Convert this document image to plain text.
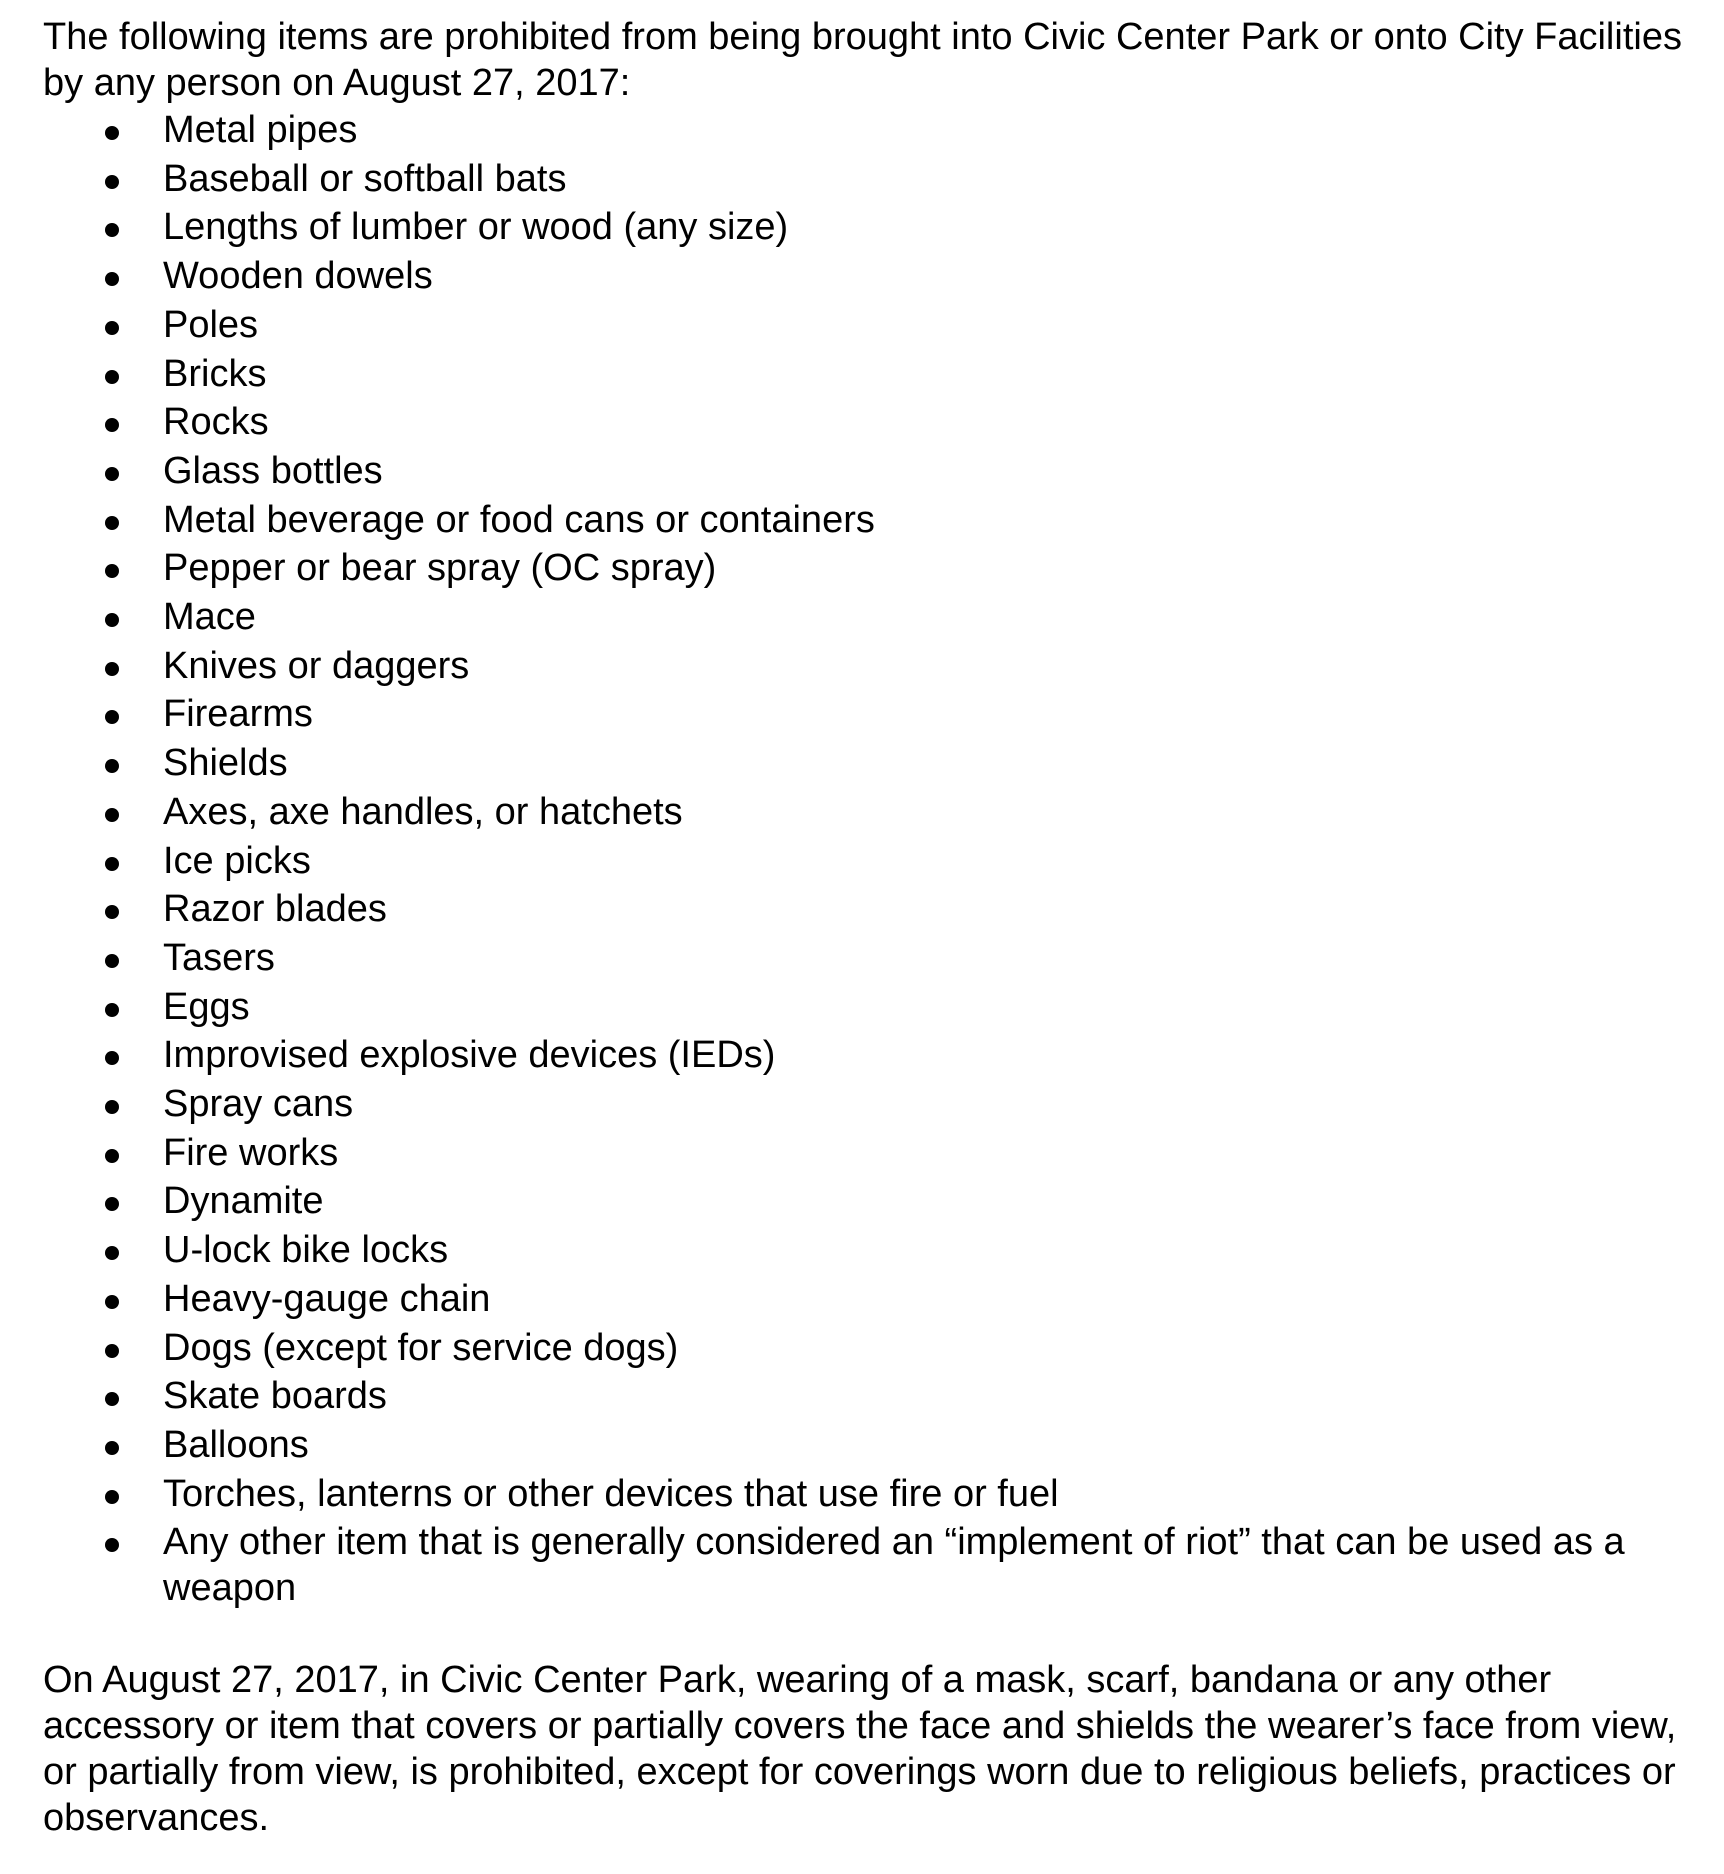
The following items are prohibited from being brought into Civic Center Park or onto City Facilities by any person on August 27, 2017:

Metal pipes
Baseball or softball bats
Lengths of lumber or wood (any size)
Wooden dowels
Poles
Bricks
Rocks
Glass bottles
Metal beverage or food cans or containers
Pepper or bear spray (OC spray)
Mace
Knives or daggers
Firearms
Shields
Axes, axe handles, or hatchets
Ice picks
Razor blades
Tasers
Eggs
Improvised explosive devices (IEDs)
Spray cans
Fire works
Dynamite
U-lock bike locks
Heavy-gauge chain
Dogs (except for service dogs)
Skate boards
Balloons
Torches, lanterns or other devices that use fire or fuel
Any other item that is generally considered an “implement of riot” that can be used as a weapon

On August 27, 2017, in Civic Center Park, wearing of a mask, scarf, bandana or any other accessory or item that covers or partially covers the face and shields the wearer’s face from view, or partially from view, is prohibited, except for coverings worn due to religious beliefs, practices or observances.
